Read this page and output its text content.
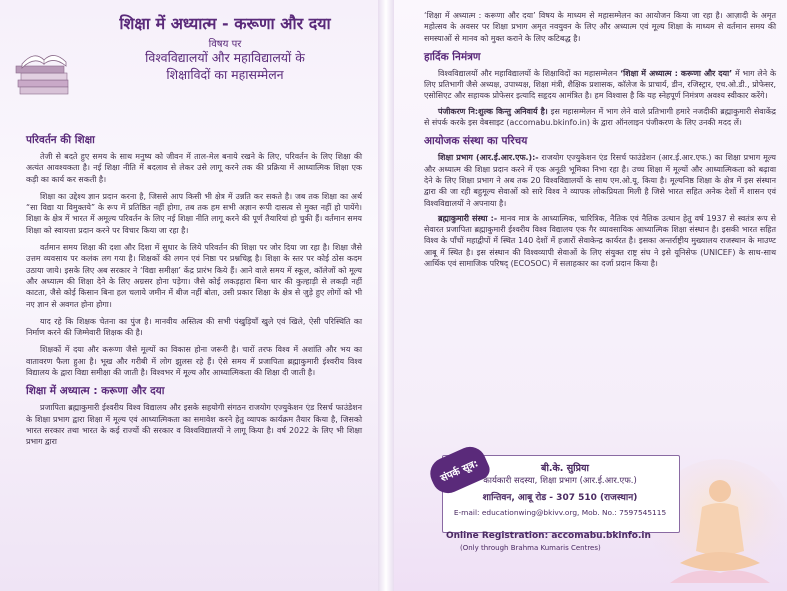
शिक्षा में अध्यात्म - करूणा और दया
विषय पर
विश्वविद्यालयों और महाविद्यालयों के
शिक्षाविदों का महासम्मेलन

परिवर्तन की शिक्षा

तेजी से बदते हुए समय के साथ मनुष्य को जीवन में ताल-मेल बनाये रखने के लिए, परिवर्तन के लिए शिक्षा की अत्यंत आवश्यकता है। नई शिक्षा नीति में बदलाव से लेकर उसे लागू करने तक की प्रक्रिया में आध्यात्मिक शिक्षा एक कड़ी का कार्य कर सकती है।

शिक्षा का उद्देश्य ज्ञान प्रदान करना है, जिससे आप किसी भी क्षेत्र में उन्नति कर सकते है। जब तक शिक्षा का अर्थ “सा विद्या या विमुक्तये” के रूप में प्रतिष्ठित नहीं होगा, तब तक हम सभी अज्ञान रूपी दासत्व से मुक्त नहीं हो पायेंगे। शिक्षा के क्षेत्र में भारत में अमूल्य परिवर्तन के लिए नई शिक्षा नीति लागू करने की पूर्ण तैयारियां हो चुकी हैं। वर्तमान समय शिक्षा को स्वायत्ता प्रदान करने पर विचार किया जा रहा है।

वर्तमान समय शिक्षा की दशा और दिशा में सुधार के लिये परिवर्तन की शिक्षा पर जोर दिया जा रहा है। शिक्षा जैसे उत्तम व्यवसाय पर कलंक लग गया है। शिक्षकों की लगन एवं निष्ठा पर प्रश्नचिह्न है। शिक्षा के स्तर पर कोई ठोस कदम उठाया जाये। इसके लिए अब सरकार ने ‘विद्या समीक्षा’ केंद्र प्रारंभ किये हैं। आने वाले समय में स्कूल, कॉलेजों को मूल्य और अध्यात्म की शिक्षा देने के लिए अग्रसर होना पड़ेगा। जैसे कोई लकड़हारा बिना धार की कुल्हाड़ी से लकड़ी नहीं काटता, जैसे कोई किसान बिना हल चलाये जमीन में बीज नहीं बोता, उसी प्रकार शिक्षा के क्षेत्र से जुड़े हुए लोगों को भी नए ज्ञान से अवगत होना होगा।

याद रहे कि शिक्षक चेतना का पुंज है। मानवीय अस्तित्व की सभी पंखुड़ियाँ खुले एवं खिले, ऐसी परिस्थिति का निर्माण करने की जिम्मेवारी शिक्षक की है।

शिक्षकों में दया और करूणा जैसे मूल्यों का विकास होना जरूरी है। चारों तरफ विश्व में अशांति और भय का वातावरण फैला हुआ है। भूख और गरीबी में लोग झुलस रहे हैं। ऐसे समय में प्रजापिता ब्रह्माकुमारी ईश्वरीय विश्व विद्यालय के द्वारा विद्या समीक्षा की जाती है। विश्वभर में मूल्य और आध्यात्मिकता की शिक्षा दी जाती है।

शिक्षा में अध्यात्म : करूणा और दया

प्रजापिता ब्रह्माकुमारी ईश्वरीय विश्व विद्यालय और इसके सहयोगी संगठन राजयोग एज्युकेशन एंड रिसर्च फाउंडेशन के शिक्षा प्रभाग द्वारा शिक्षा में मूल्य एवं आध्यात्मिकता का समावेश करने हेतु व्यापक कार्यक्रम तैयार किया है, जिसको भारत सरकार तथा भारत के कई राज्यों की सरकार व विश्वविद्यालयों ने लागू किया है। वर्ष 2022 के लिए भी शिक्षा प्रभाग द्वारा

‘शिक्षा में अध्यात्म : करूणा और दया’ विषय के माध्यम से महासम्मेलन का आयोजन किया जा रहा है। आज़ादी के अमृत महोत्सव के अवसर पर शिक्षा प्रभाग अमृत नवयुवन के लिए और अध्यात्म एवं मूल्य शिक्षा के माध्यम से वर्तमान समय की समस्याओं से मानव को मुक्त कराने के लिए कटिबद्ध है।

हार्दिक निमंत्रण

विश्वविद्यालयों और महाविद्यालयों के शिक्षाविदों का महासम्मेलन ‘शिक्षा में अध्यात्म : करूणा और दया’ में भाग लेने के लिए प्रतिभागी जैसे अध्यक्ष, उपाध्यक्ष, शिक्षा मंत्री, शैक्षिक प्रशासक, कॉलेज के प्राचार्य, डीन, रजिस्ट्रार, एच.ओ.डी., प्रोफेसर, एसोसिएट और सहायक प्रोफेसर इत्यादि सहृदय आमंत्रित है। हम विश्वास है कि यह स्नेहपूर्ण निमंत्रण अवश्य स्वीकार करेंगे।

पंजीकरण नि:शुल्क किन्तु अनिवार्य है। इस महासम्मेलन में भाग लेने वाले प्रतिभागी हमारे नजदीकी ब्रह्माकुमारी सेवाकेंद्र से संपर्क करके इस वेबसाइट (accomabu.bkinfo.in) के द्वारा ऑनलाइन पंजीकरण के लिए उनकी मदद लें।

आयोजक संस्था का परिचय

शिक्षा प्रभाग (आर.ई.आर.एफ.):- राजयोग एज्युकेशन एंड रिसर्च फाउंडेशन (आर.ई.आर.एफ.) का शिक्षा प्रभाग मूल्य और अध्यात्म की शिक्षा प्रदान करने में एक अनूठी भूमिका निभा रहा है। उच्च शिक्षा में मूल्यों और आध्यात्मिकता को बढ़ावा देने के लिए शिक्षा प्रभाग ने अब तक 20 विश्वविद्यालयों के साथ एम.ओ.यू. किया है। मूल्यनिष्ठ शिक्षा के क्षेत्र में इस संस्थान द्वारा की जा रही बहुमूल्य सेवाओं को सारे विश्व ने व्यापक लोकप्रियता मिली है जिसे भारत सहित अनेक देशों में शासन एवं विश्वविद्यालयों ने अपनाया है।

ब्रह्माकुमारी संस्था :- मानव मात्र के आध्यात्मिक, चारित्रिक, नैतिक एवं नैतिक उत्थान हेतु वर्ष 1937 से स्वतंत्र रूप से सेवारत प्रजापिता ब्रह्माकुमारी ईश्वरीय विश्व विद्यालय एक गैर व्यावसायिक आध्यात्मिक शिक्षा संस्थान है। इसकी भारत सहित विश्व के पाँचों महाद्वीपों में स्थित 140 देशों में हजारों सेवाकेन्द्र कार्यरत है। इसका अन्तर्राष्ट्रीय मुख्यालय राजस्थान के माउण्ट आबू में स्थित है। इस संस्थान की विश्वव्यापी सेवाओं के लिए संयुक्त राष्ट्र संघ ने इसे यूनिसेफ (UNICEF) के साथ-साथ आर्थिक एवं सामाजिक परिषद् (ECOSOC) में सलाहकार का दर्जा प्रदान किया है।

संपर्क सूत्र:	बी.के. सुप्रिया
कार्यकारी सदस्या, शिक्षा प्रभाग (आर.ई.आर.एफ.)
शान्तिवन, आबू रोड - 307 510 (राजस्थान)
E-mail: educationwing@bkivv.org, Mob. No.: 7597545115
Online Registration: accomabu.bkinfo.in
(Only through Brahma Kumaris Centres)
